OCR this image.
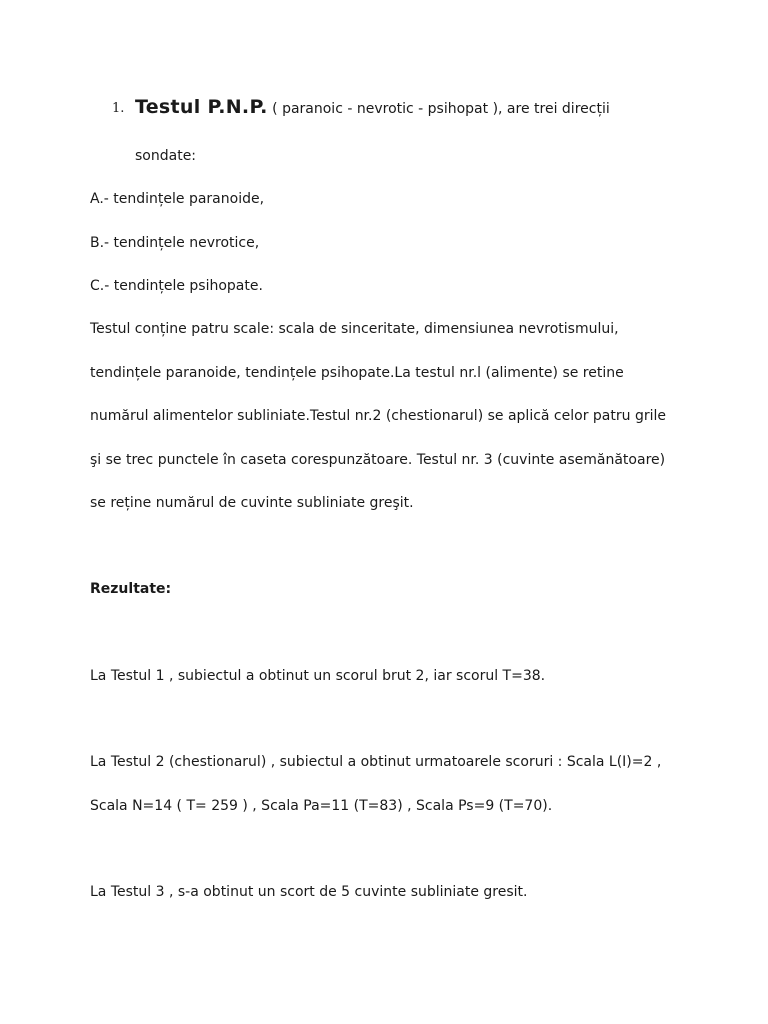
1. Testul P.N.P. ( paranoic - nevrotic - psihopat ), are trei direcții
sondate:
A.- tendințele paranoide,
B.- tendințele nevrotice,
C.- tendințele psihopate.
Testul conține patru scale: scala de sinceritate, dimensiunea nevrotismului,
tendințele paranoide, tendințele psihopate.La testul nr.l (alimente) se retine
numărul alimentelor subliniate.Testul nr.2 (chestionarul) se aplică celor patru grile
şi se trec punctele în caseta corespunzătoare. Testul nr. 3 (cuvinte asemănătoare)
se reține numărul de cuvinte subliniate greşit.
Rezultate:
La Testul 1 , subiectul a obtinut un scorul brut 2, iar scorul T=38.
La Testul 2 (chestionarul) , subiectul a obtinut urmatoarele scoruri : Scala L(I)=2 ,
Scala N=14 ( T= 259 ) , Scala Pa=11 (T=83) , Scala Ps=9 (T=70).
La Testul 3 , s-a obtinut un scort de 5 cuvinte subliniate gresit.
